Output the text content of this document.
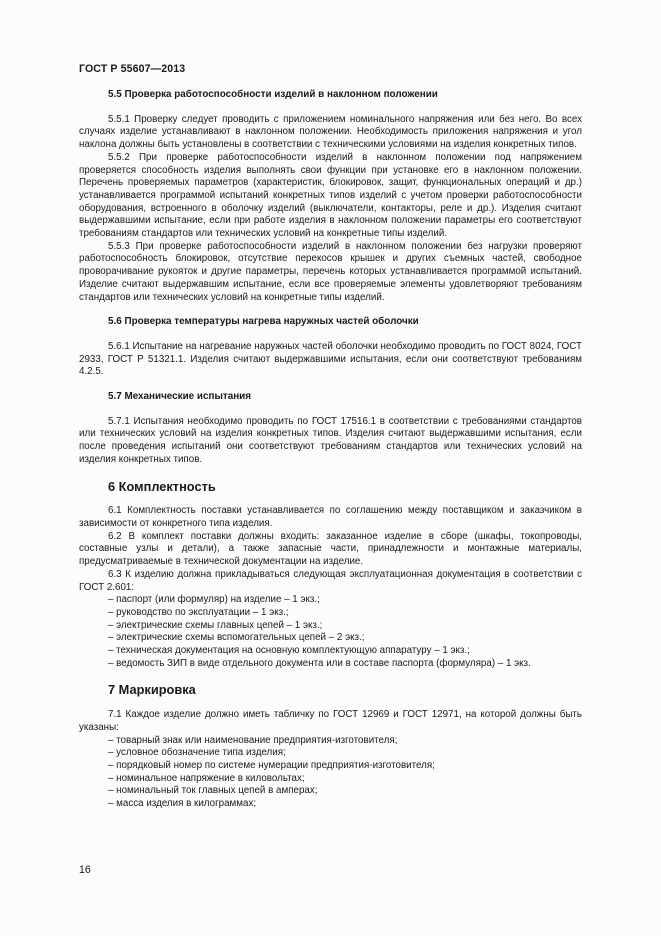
ГОСТ Р 55607—2013
5.5 Проверка работоспособности изделий в наклонном положении

5.5.1 Проверку следует проводить с приложением номинального напряжения или без него. Во всех случаях изделие устанавливают в наклонном положении. Необходимость приложения напряжения и угол наклона должны быть установлены в соответствии с техническими условиями на изделия конкретных типов.

5.5.2 При проверке работоспособности изделий в наклонном положении под напряжением проверяется способность изделия выполнять свои функции при установке его в наклонном положении. Перечень проверяемых параметров (характеристик, блокировок, защит, функциональных операций и др.) устанавливается программой испытаний конкретных типов изделий с учетом проверки работоспособности оборудования, встроенного в оболочку изделий (выключатели, контакторы, реле и др.). Изделия считают выдержавшими испытание, если при работе изделия в наклонном положении параметры его соответствуют требованиям стандартов или технических условий на конкретные типы изделий.

5.5.3 При проверке работоспособности изделий в наклонном положении без нагрузки проверяют работоспособность блокировок, отсутствие перекосов крышек и других съемных частей, свободное проворачивание рукояток и другие параметры, перечень которых устанавливается программой испытаний. Изделие считают выдержавшим испытание, если все проверяемые элементы удовлетворяют требованиям стандартов или технических условий на конкретные типы изделий.

5.6 Проверка температуры нагрева наружных частей оболочки

5.6.1 Испытание на нагревание наружных частей оболочки необходимо проводить по ГОСТ 8024, ГОСТ 2933, ГОСТ Р 51321.1. Изделия считают выдержавшими испытания, если они соответствуют требованиям 4.2.5.

5.7 Механические испытания

5.7.1 Испытания необходимо проводить по ГОСТ 17516.1 в соответствии с требованиями стандартов или технических условий на изделия конкретных типов. Изделия считают выдержавшими испытания, если после проведения испытаний они соответствуют требованиям стандартов или технических условий на изделия конкретных типов.

6 Комплектность

6.1 Комплектность поставки устанавливается по соглашению между поставщиком и заказчиком в зависимости от конкретного типа изделия.

6.2 В комплект поставки должны входить: заказанное изделие в сборе (шкафы, токопроводы, составные узлы и детали), а также запасные части, принадлежности и монтажные материалы, предусматриваемые в технической документации на изделие.

6.3 К изделию должна прикладываться следующая эксплуатационная документация в соответствии с ГОСТ 2.601:

– паспорт (или формуляр) на изделие – 1 экз.;
– руководство по эксплуатации – 1 экз.;
– электрические схемы главных цепей – 1 экз.;
– электрические схемы вспомогательных цепей – 2 экз.;
– техническая документация на основную комплектующую аппаратуру – 1 экз.;
– ведомость ЗИП в виде отдельного документа или в составе паспорта (формуляра) – 1 экз.
7 Маркировка

7.1 Каждое изделие должно иметь табличку по ГОСТ 12969 и ГОСТ 12971, на которой должны быть указаны:

– товарный знак или наименование предприятия-изготовителя;
– условное обозначение типа изделия;
– порядковый номер по системе нумерации предприятия-изготовителя;
– номинальное напряжение в киловольтах;
– номинальный ток главных цепей в амперах;
– масса изделия в килограммах;
16
